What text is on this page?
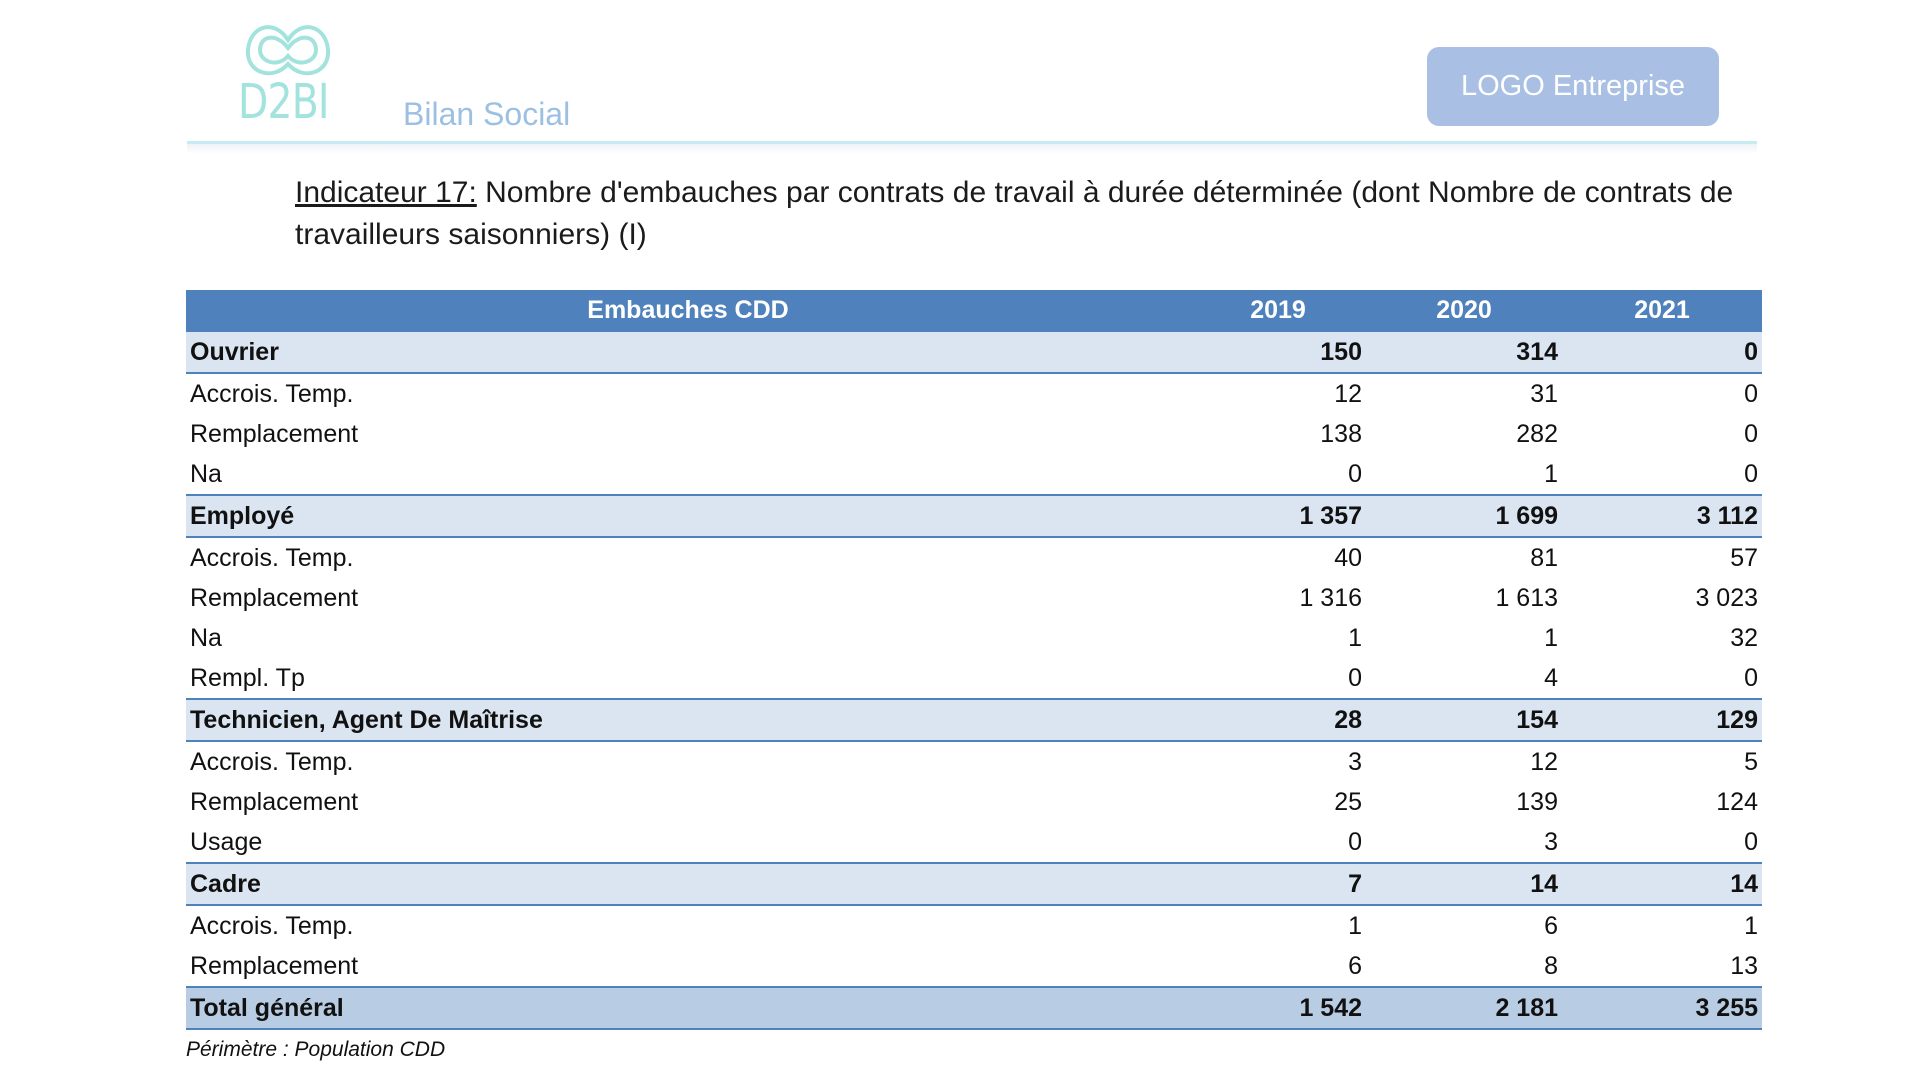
D2BI Bilan Social
LOGO Entreprise
Indicateur 17: Nombre d'embauches par contrats de travail à durée déterminée (dont Nombre de contrats de travailleurs saisonniers) (I)
Embauches CDD	2019	2020	2021
Ouvrier	150	314	0
Accrois. Temp.	12	31	0
Remplacement	138	282	0
Na	0	1	0
Employé	1 357	1 699	3 112
Accrois. Temp.	40	81	57
Remplacement	1 316	1 613	3 023
Na	1	1	32
Rempl. Tp	0	4	0
Technicien, Agent De Maîtrise	28	154	129
Accrois. Temp.	3	12	5
Remplacement	25	139	124
Usage	0	3	0
Cadre	7	14	14
Accrois. Temp.	1	6	1
Remplacement	6	8	13
Total général	1 542	2 181	3 255
Périmètre : Population CDD
